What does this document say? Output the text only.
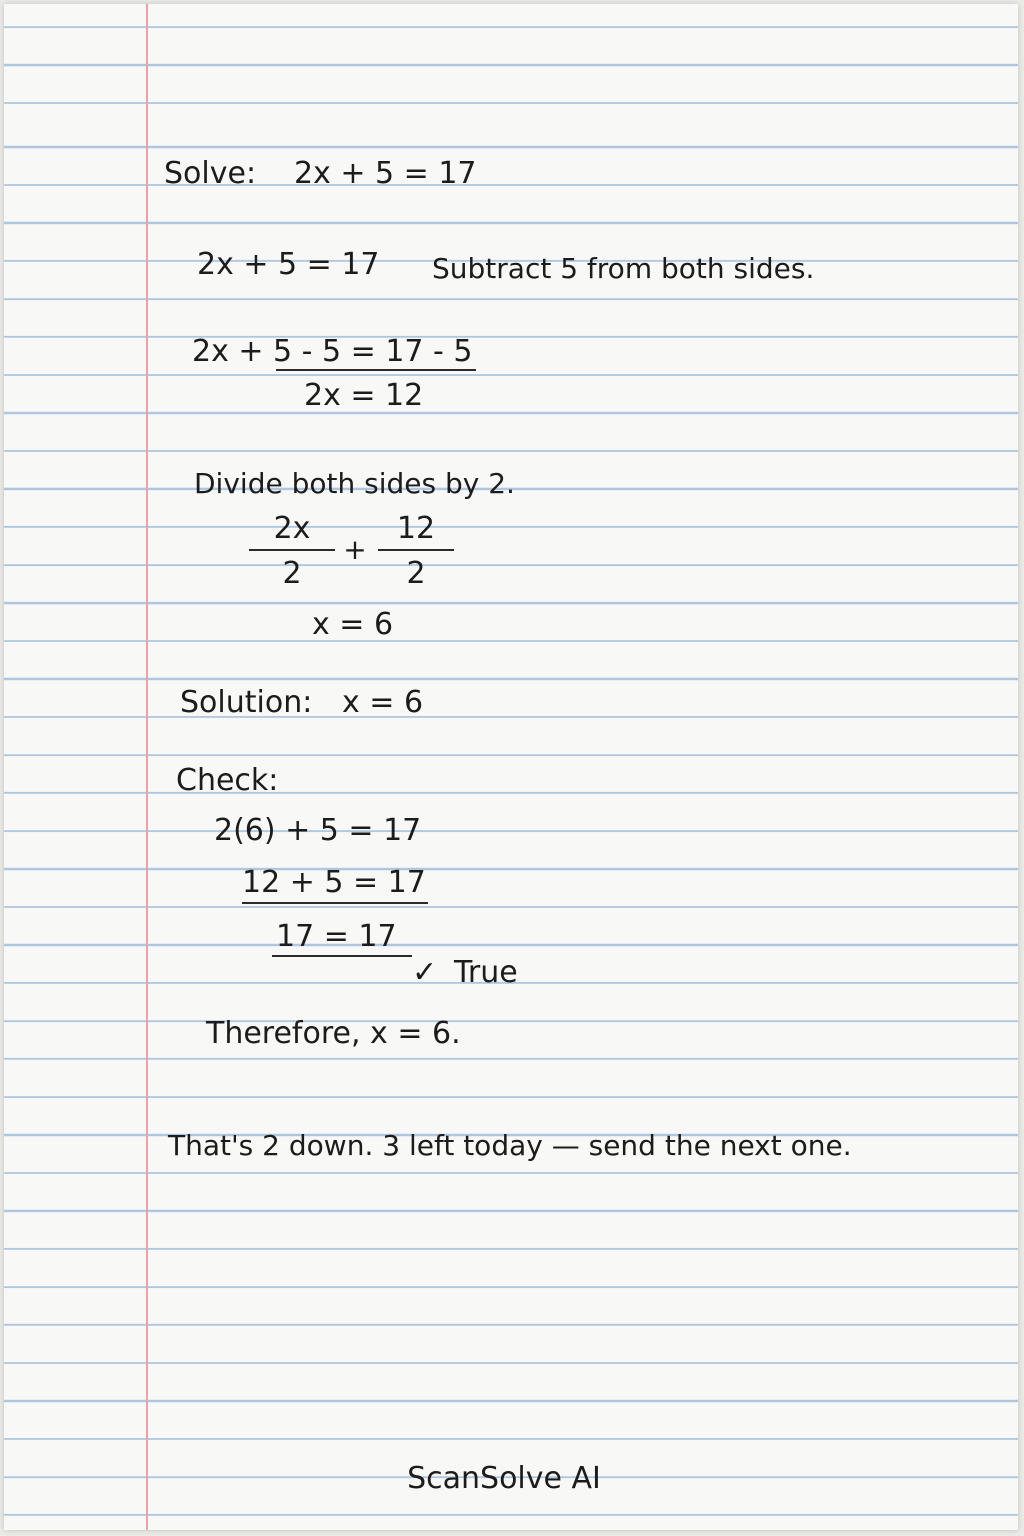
Solve: 2x + 5 = 17
2x + 5 = 17 Subtract 5 from both sides.
2x + 5 - 5 = 17 - 5
2x = 12
Divide both sides by 2.
2x
2
+
12
2
x = 6
Solution: x = 6
Check:
2(6) + 5 = 17
12 + 5 = 17
17 = 17
✓ True
Therefore, x = 6.
That's 2 down. 3 left today — send the next one.
ScanSolve AI
